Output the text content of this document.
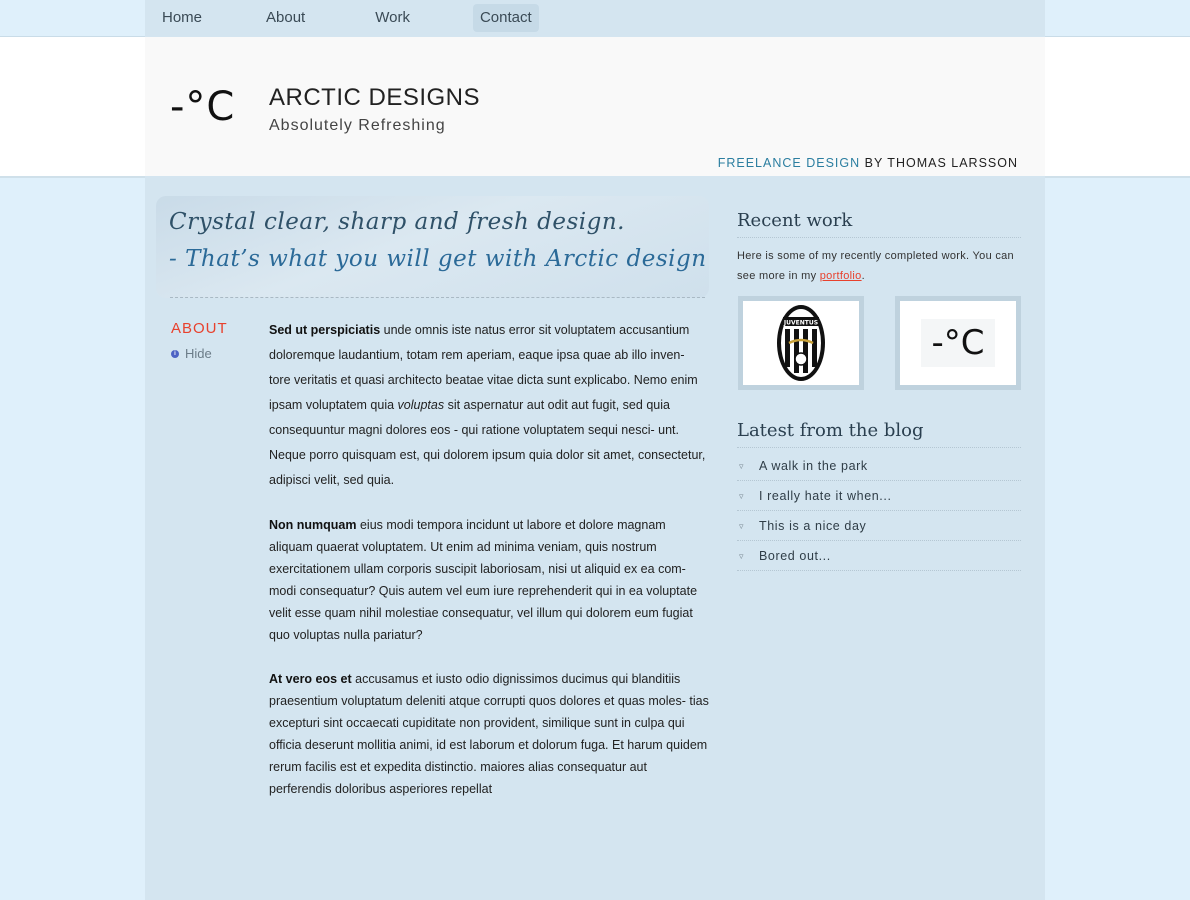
Home	About	Work	Contact
-°C ARCTIC DESIGNS
Absolutely Refreshing
FREELANCE DESIGN BY THOMAS LARSSON
Crystal clear, sharp and fresh design.
- That’s what you will get with Arctic design
ABOUT
i Hide
Sed ut perspiciatis unde omnis iste natus error sit voluptatem accusantium doloremque laudantium, totam rem aperiam, eaque ipsa quae ab illo inven- tore veritatis et quasi architecto beatae vitae dicta sunt explicabo. Nemo enim ipsam voluptatem quia voluptas sit aspernatur aut odit aut fugit, sed quia consequuntur magni dolores eos - qui ratione voluptatem sequi nesci- unt. Neque porro quisquam est, qui dolorem ipsum quia dolor sit amet, consectetur, adipisci velit, sed quia.
Non numquam eius modi tempora incidunt ut labore et dolore magnam aliquam quaerat voluptatem. Ut enim ad minima veniam, quis nostrum exercitationem ullam corporis suscipit laboriosam, nisi ut aliquid ex ea com- modi consequatur? Quis autem vel eum iure reprehenderit qui in ea voluptate velit esse quam nihil molestiae consequatur, vel illum qui dolorem eum fugiat quo voluptas nulla pariatur?
At vero eos et accusamus et iusto odio dignissimos ducimus qui blanditiis praesentium voluptatum deleniti atque corrupti quos dolores et quas moles- tias excepturi sint occaecati cupiditate non provident, similique sunt in culpa qui officia deserunt mollitia animi, id est laborum et dolorum fuga. Et harum quidem rerum facilis est et expedita distinctio. maiores alias consequatur aut perferendis doloribus asperiores repellat
Recent work
Here is some of my recently completed work. You can see more in my portfolio.
JUVENTUS	-°C
Latest from the blog
▿	A walk in the park
▿	I really hate it when...
▿	This is a nice day
▿	Bored out...
